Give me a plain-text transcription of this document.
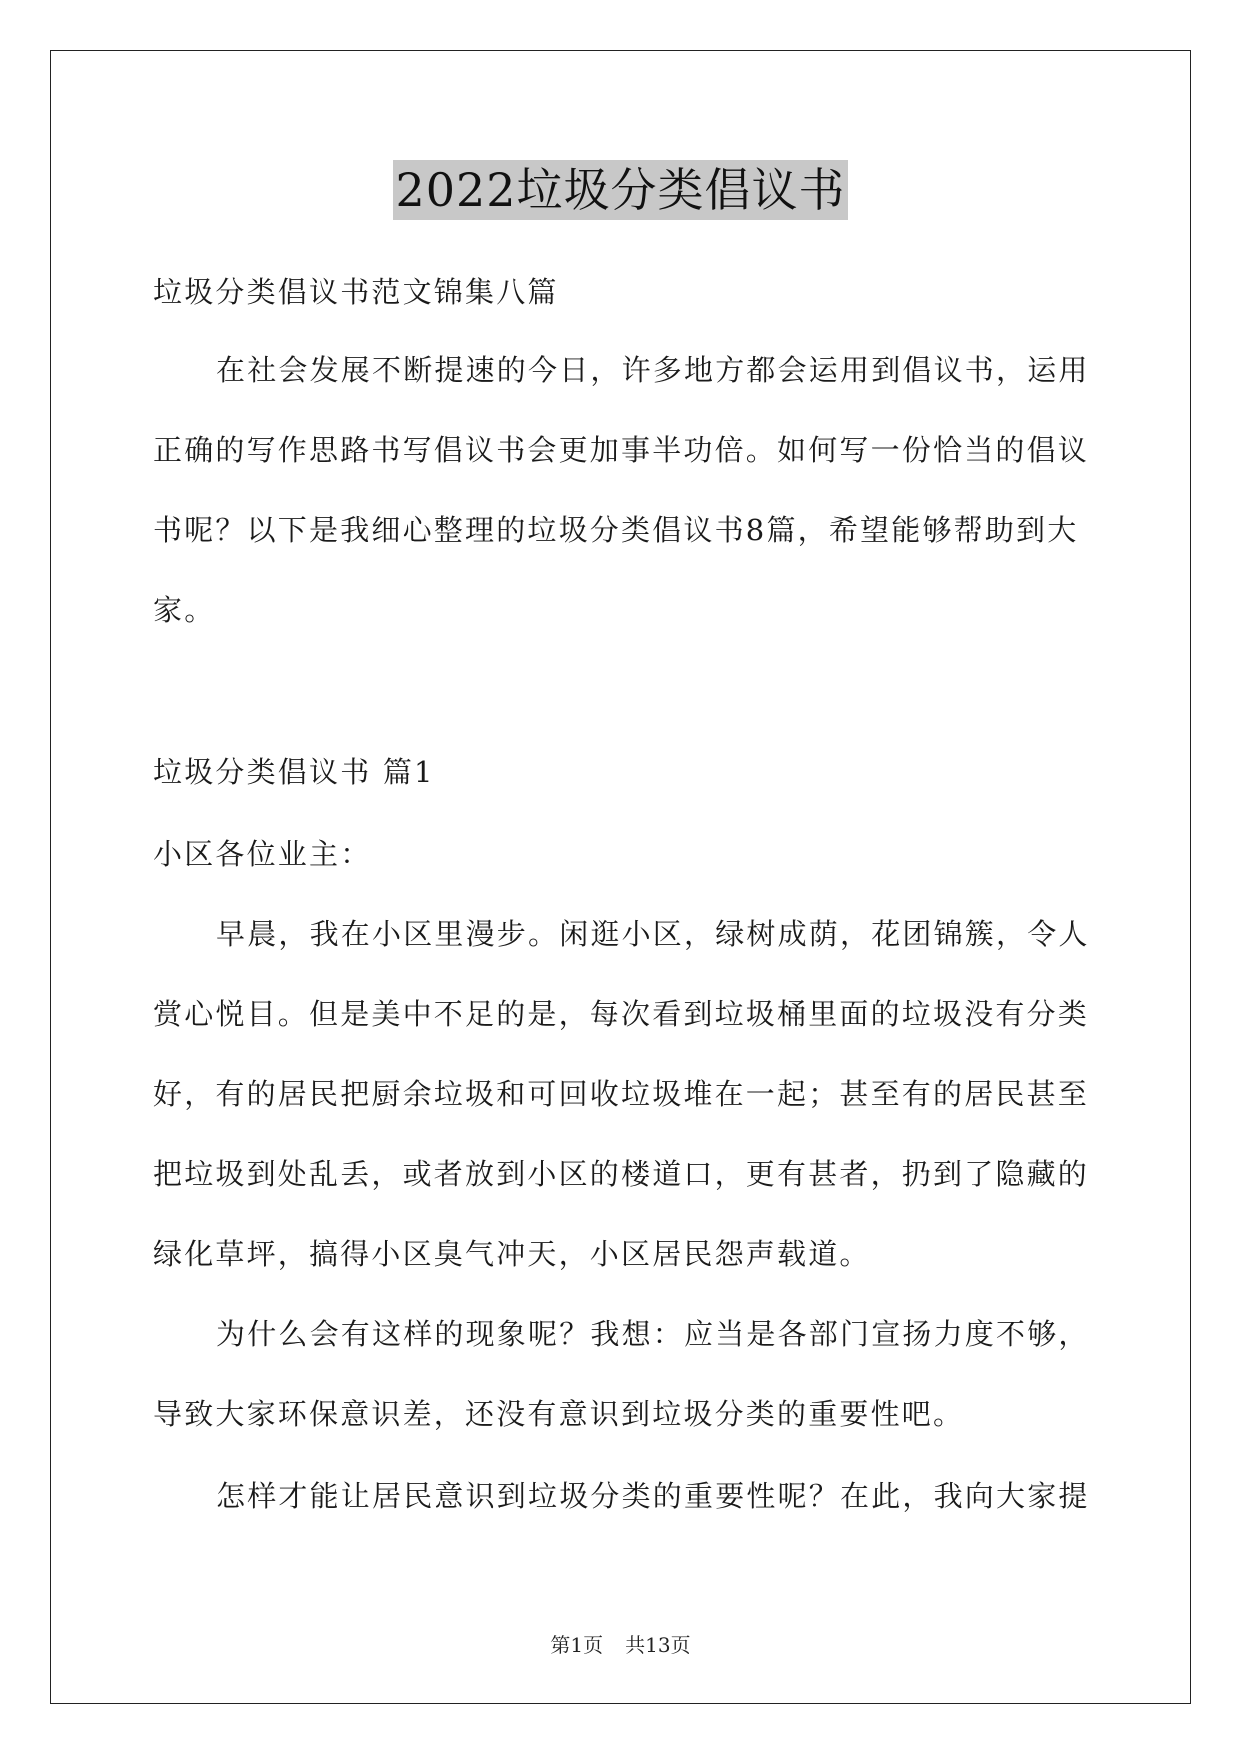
2022垃圾分类倡议书
垃圾分类倡议书范文锦集八篇
在社会发展不断提速的今日，许多地方都会运用到倡议书，运用
正确的写作思路书写倡议书会更加事半功倍。如何写一份恰当的倡议
书呢？以下是我细心整理的垃圾分类倡议书8篇，希望能够帮助到大
家。
垃圾分类倡议书 篇1
小区各位业主：
早晨，我在小区里漫步。闲逛小区，绿树成荫，花团锦簇，令人
赏心悦目。但是美中不足的是，每次看到垃圾桶里面的垃圾没有分类
好，有的居民把厨余垃圾和可回收垃圾堆在一起；甚至有的居民甚至
把垃圾到处乱丢，或者放到小区的楼道口，更有甚者，扔到了隐藏的
绿化草坪，搞得小区臭气冲天，小区居民怨声载道。
为什么会有这样的现象呢？我想：应当是各部门宣扬力度不够，
导致大家环保意识差，还没有意识到垃圾分类的重要性吧。
怎样才能让居民意识到垃圾分类的重要性呢？在此，我向大家提
第1页 共13页
